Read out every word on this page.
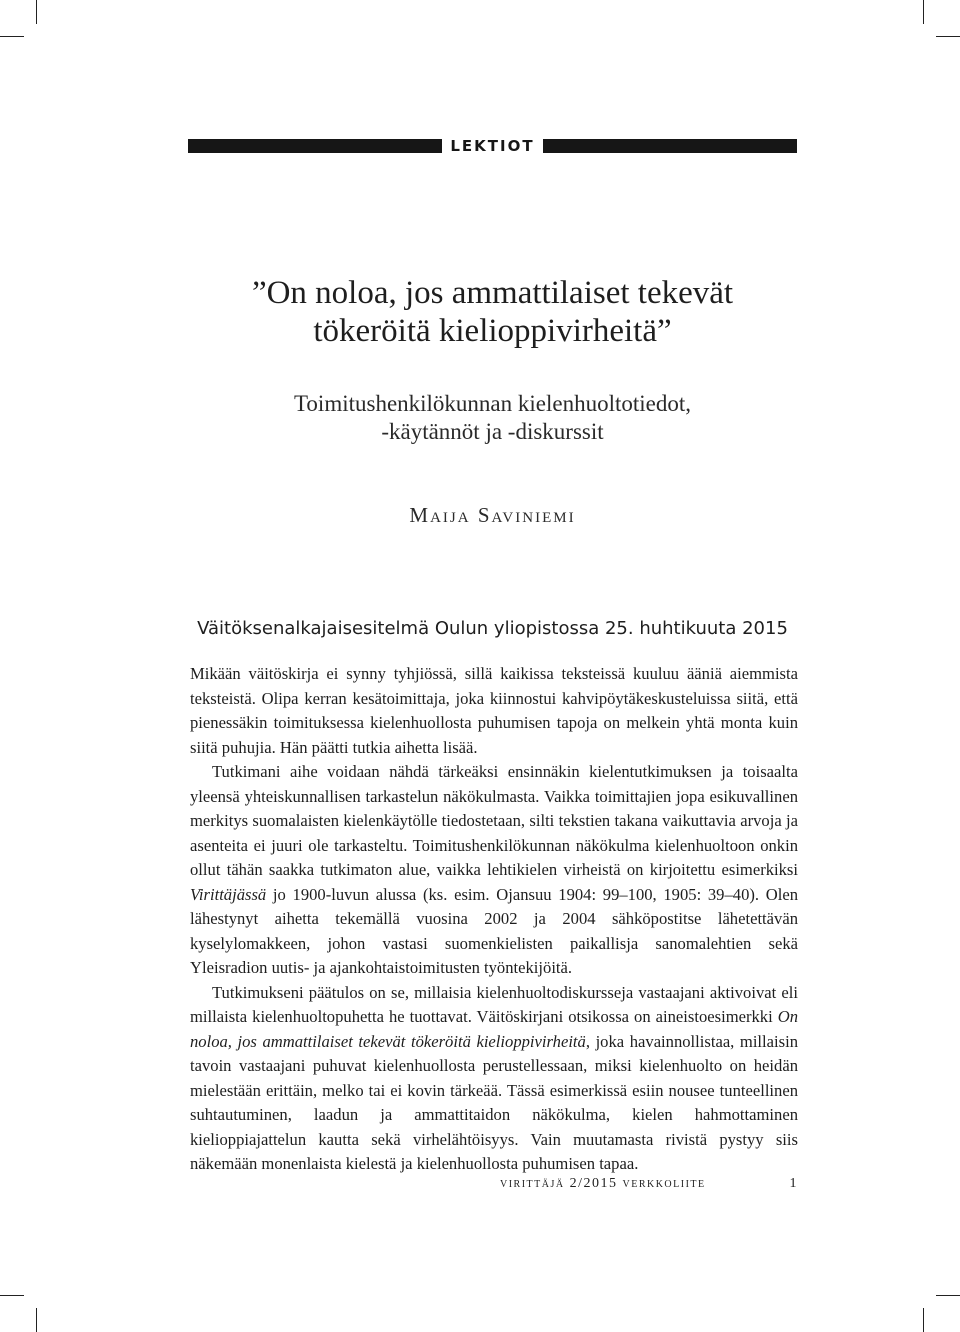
LEKTIOT
”On noloa, jos ammattilaiset tekevät
tökeröitä kielioppivirheitä”
Toimitushenkilökunnan kielenhuoltotiedot,
-käytännöt ja -diskurssit
Maija Saviniemi
Väitöksenalkajaisesitelmä Oulun yliopistossa 25. huhtikuuta 2015

Mikään väitöskirja ei synny tyhjiössä, sillä kaikissa teksteissä kuuluu ääniä aiemmista teksteistä. Olipa kerran kesätoimittaja, joka kiinnostui kahvipöytäkeskusteluissa siitä, että pienessäkin toimituksessa kielenhuollosta puhumisen tapoja on melkein yhtä monta kuin siitä puhujia. Hän päätti tutkia aihetta lisää.

Tutkimani aihe voidaan nähdä tärkeäksi ensinnäkin kielentutkimuksen ja toisaalta yleensä yhteiskunnallisen tarkastelun näkökulmasta. Vaikka toimittajien jopa esikuvallinen merkitys suomalaisten kielenkäytölle tiedostetaan, silti tekstien takana vaikuttavia arvoja ja asenteita ei juuri ole tarkasteltu. Toimitushenkilökunnan näkökulma kielenhuoltoon onkin ollut tähän saakka tutkimaton alue, vaikka lehtikielen virheistä on kirjoitettu esimerkiksi Virittäjässä jo 1900-luvun alussa (ks. esim. Ojansuu 1904: 99–100, 1905: 39–40). Olen lähestynyt aihetta tekemällä vuosina 2002 ja 2004 sähköpostitse lähetettävän kyselylomakkeen, johon vastasi suomenkielisten paikallisja sanomalehtien sekä Yleisradion uutis- ja ajankohtaistoimitusten työntekijöitä.

Tutkimukseni päätulos on se, millaisia kielenhuoltodiskursseja vastaajani aktivoivat eli millaista kielenhuoltopuhetta he tuottavat. Väitöskirjani otsikossa on aineistoesimerkki On noloa, jos ammattilaiset tekevät tökeröitä kielioppivirheitä, joka havainnollistaa, millaisin tavoin vastaajani puhuvat kielenhuollosta perustellessaan, miksi kielenhuolto on heidän mielestään erittäin, melko tai ei kovin tärkeää. Tässä esimerkissä esiin nousee tunteellinen suhtautuminen, laadun ja ammattitaidon näkökulma, kielen hahmottaminen kielioppiajattelun kautta sekä virhelähtöisyys. Vain muutamasta rivistä pystyy siis näkemään monenlaista kielestä ja kielenhuollosta puhumisen tapaa.

virittäjä 2/2015 verkkoliite	1
